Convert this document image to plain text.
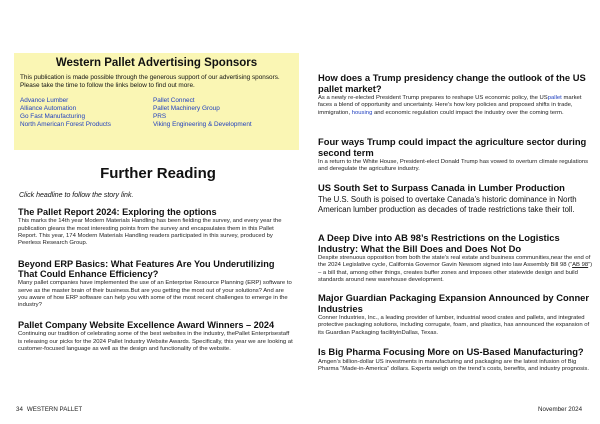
Western Pallet Advertising Sponsors
This publication is made possible through the generous support of our advertising sponsors. Please take the time to follow the links below to find out more.
Advance Lumber
Alliance Automation
Go Fast Manufacturing
North American Forest Products
Pallet Connect
Pallet Machinery Group
PRS
Viking Engineering & Development
Further Reading
Click headline to follow the story link.
The Pallet Report 2024: Exploring the options
This marks the 14th year Modern Materials Handling has been fielding the survey, and every year the publication gleans the most interesting points from the survey and encapsulates them in this Pallet Report. This year, 174 Modern Materials Handling readers participated in this survey, produced by Peerless Research Group.
Beyond ERP Basics: What Features Are You Underutilizing That Could Enhance Efficiency?
Many pallet companies have implemented the use of an Enterprise Resource Planning (ERP) software to serve as the master brain of their business.But are you getting the most out of your solutions? And are you aware of how ERP software can help you with some of the most recent challenges to emerge in the industry?
Pallet Company Website Excellence Award Winners – 2024
Continuing our tradition of celebrating some of the best websites in the industry, thePallet Enterprisestaff is releasing our picks for the 2024 Pallet Industry Website Awards. Specifically, this year we are looking at customer-focused language as well as the design and functionality of the website.
How does a Trump presidency change the outlook of the US pallet market?
As a newly re-elected President Trump prepares to reshape US economic policy, the USpallet market faces a blend of opportunity and uncertainty. Here’s how key policies and proposed shifts in trade, immigration, housing and economic regulation could impact the industry over the coming term.
Four ways Trump could impact the agriculture sector during second term
In a return to the White House, President-elect Donald Trump has vowed to overturn climate regulations and deregulate the agriculture industry.
US South Set to Surpass Canada in Lumber Production
The U.S. South is poised to overtake Canada’s historic dominance in North American lumber production as decades of trade restrictions take their toll.
A Deep Dive into AB 98’s Restrictions on the Logistics Industry: What the Bill Does and Does Not Do
Despite strenuous opposition from both the state’s real estate and business communities,near the end of the 2024 Legislative cycle, California Governor Gavin Newsom signed into law Assembly Bill 98 (“AB 98”) – a bill that, among other things, creates buffer zones and imposes other statewide design and build standards around new warehouse development.
Major Guardian Packaging Expansion Announced by Conner Industries
Conner Industries, Inc., a leading provider of lumber, industrial wood crates and pallets, and integrated protective packaging solutions, including corrugate, foam, and plastics, has announced the expansion of its Guardian Packaging facilityinDallas, Texas.
Is Big Pharma Focusing More on US-Based Manufacturing?
Amgen’s billion-dollar US investments in manufacturing and packaging are the latest infusion of Big Pharma “Made-in-America” dollars. Experts weigh on the trend’s costs, benefits, and industry prognosis.
34 WESTERN PALLET	November 2024
